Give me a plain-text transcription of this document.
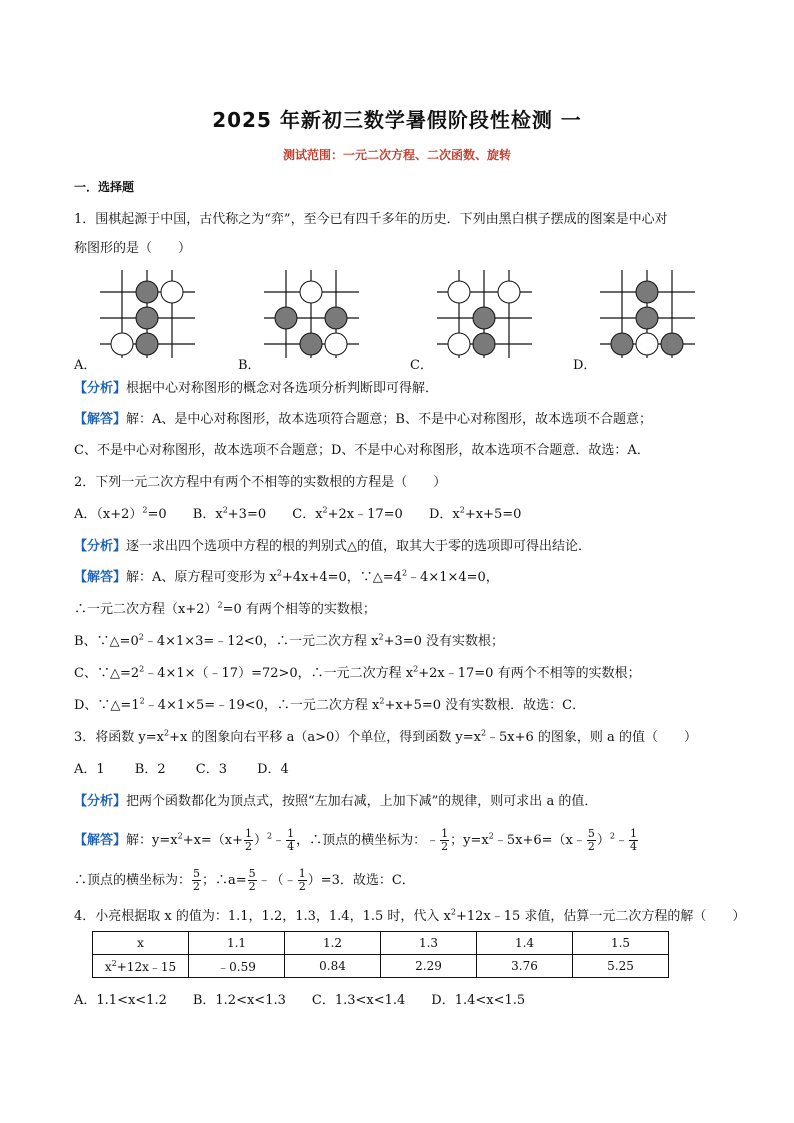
2025 年新初三数学暑假阶段性检测 一
测试范围：一元二次方程、二次函数、旋转
一．选择题
1．围棋起源于中国，古代称之为“弈”，至今已有四千多年的历史．下列由黑白棋子摆成的图案是中心对
称图形的是（　　）
A．	B．	C．	D．
【分析】根据中心对称图形的概念对各选项分析判断即可得解．
【解答】解：A、是中心对称图形，故本选项符合题意；B、不是中心对称图形，故本选项不合题意；
C、不是中心对称图形，故本选项不合题意；D、不是中心对称图形，故本选项不合题意．故选：A．
2．下列一元二次方程中有两个不相等的实数根的方程是（　　）
A．$(x+2)^2=0$ B．$x^2+3=0$ C．$x^2+2x﹣17=0$ D．$x^2+x+5=0$
【分析】逐一求出四个选项中方程的根的判别式△的值，取其大于零的选项即可得出结论．
【解答】解：A、原方程可变形为 $x^2+4x+4=0$，$\because\triangle=4^2﹣4\times 1\times 4=0$，
∴一元二次方程$(x+2)^2=0$ 有两个相等的实数根；
B、$\because\triangle=0^2﹣4\times 1\times 3=﹣12<0$，∴一元二次方程 $x^2+3=0$ 没有实数根；
C、$\because\triangle=2^2﹣4\times 1\times(﹣17)=72>0$，∴一元二次方程 $x^2+2x﹣17=0$ 有两个不相等的实数根；
D、$\because\triangle=1^2﹣4\times 1\times 5=﹣19<0$，∴一元二次方程 $x^2+x+5=0$ 没有实数根．故选：C．
3．将函数 $y=x^2+x$ 的图象向右平移 a（a>0）个单位，得到函数 $y=x^2﹣5x+6$ 的图象，则 a 的值（　　）
A．1　　 B．2　　 C．3　　 D．4
【分析】把两个函数都化为顶点式，按照“左加右减，上加下减”的规律，则可求出 a 的值．
【解答】解：$y=x^2+x=(x+ \frac{1}{2}$ ）$^2﹣ \frac{1}{4}$ ，∴顶点的横坐标为：﹣ $\frac{1}{2}$ ；$y=x^2﹣5x+6=(x﹣ \frac{5}{2}$ ）$^2$﹣ $\frac{1}{4}$
∴顶点的横坐标为： $\frac{5}{2}$ ；∴a= $\frac{5}{2}$ ﹣（﹣ $\frac{1}{2} )=3$．故选：C．
4．小亮根据取 x 的值为：1.1，1.2，1.3，1.4，1.5 时，代入 $x^2+12x﹣15$ 求值，估算一元二次方程的解（　　）
x	1.1	1.2	1.3	1.4	1.5
$x^2+12x﹣15$	﹣0.59	0.84	2.29	3.76	5.25
A．1.1<x<1.2　　B．1.2<x<1.3　　C．1.3<x<1.4　　D．1.4<x<1.5
